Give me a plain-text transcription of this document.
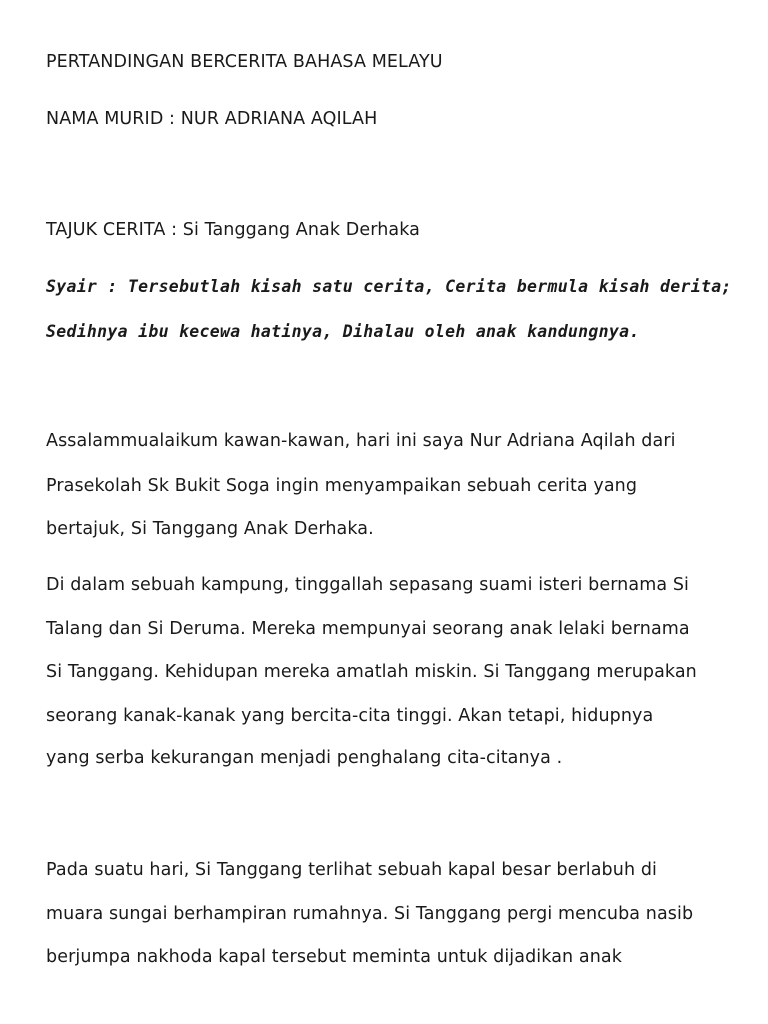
PERTANDINGAN BERCERITA BAHASA MELAYU

NAMA MURID : NUR ADRIANA AQILAH

TAJUK CERITA : Si Tanggang Anak Derhaka

Syair : Tersebutlah kisah satu cerita, Cerita bermula kisah derita;

Sedihnya ibu kecewa hatinya, Dihalau oleh anak kandungnya.

Assalammualaikum kawan-kawan, hari ini saya Nur Adriana Aqilah dari

Prasekolah Sk Bukit Soga ingin menyampaikan sebuah cerita yang

bertajuk, Si Tanggang Anak Derhaka.

Di dalam sebuah kampung, tinggallah sepasang suami isteri bernama Si

Talang dan Si Deruma. Mereka mempunyai seorang anak lelaki bernama

Si Tanggang. Kehidupan mereka amatlah miskin. Si Tanggang merupakan

seorang kanak-kanak yang bercita-cita tinggi. Akan tetapi, hidupnya

yang serba kekurangan menjadi penghalang cita-citanya .

Pada suatu hari, Si Tanggang terlihat sebuah kapal besar berlabuh di

muara sungai berhampiran rumahnya. Si Tanggang pergi mencuba nasib

berjumpa nakhoda kapal tersebut meminta untuk dijadikan anak
